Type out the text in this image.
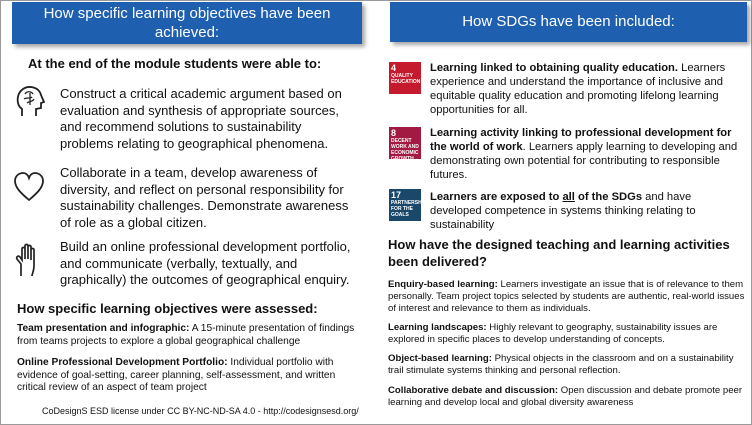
How specific learning objectives have been achieved:
At the end of the module students were able to:
Construct a critical academic argument based on evaluation and synthesis of appropriate sources, and recommend solutions to sustainability problems relating to geographical phenomena.
Collaborate in a team, develop awareness of diversity, and reflect on personal responsibility for sustainability challenges. Demonstrate awareness of role as a global citizen.
Build an online professional development portfolio, and communicate (verbally, textually, and graphically) the outcomes of geographical enquiry.
How specific learning objectives were assessed:
Team presentation and infographic: A 15-minute presentation of findings from teams projects to explore a global geographical challenge
Online Professional Development Portfolio: Individual portfolio with evidence of goal-setting, career planning, self-assessment, and written critical review of an aspect of team project
CoDesignS ESD license under CC BY-NC-ND-SA 4.0 - http://codesignsesd.org/
How SDGs have been included:
4
QUALITY EDUCATION
Learning linked to obtaining quality education. Learners experience and understand the importance of inclusive and equitable quality education and promoting lifelong learning opportunities for all.
8
DECENT WORK AND ECONOMIC GROWTH
Learning activity linking to professional development for the world of work. Learners apply learning to developing and demonstrating own potential for contributing to responsible futures.
17
PARTNERSHIPS FOR THE GOALS
Learners are exposed to all of the SDGs and have developed competence in systems thinking relating to sustainability
How have the designed teaching and learning activities been delivered?
Enquiry-based learning: Learners investigate an issue that is of relevance to them personally. Team project topics selected by students are authentic, real-world issues of interest and relevance to them as individuals.
Learning landscapes: Highly relevant to geography, sustainability issues are explored in specific places to develop understanding of concepts.
Object-based learning: Physical objects in the classroom and on a sustainability trail stimulate systems thinking and personal reflection.
Collaborative debate and discussion: Open discussion and debate promote peer learning and develop local and global diversity awareness
